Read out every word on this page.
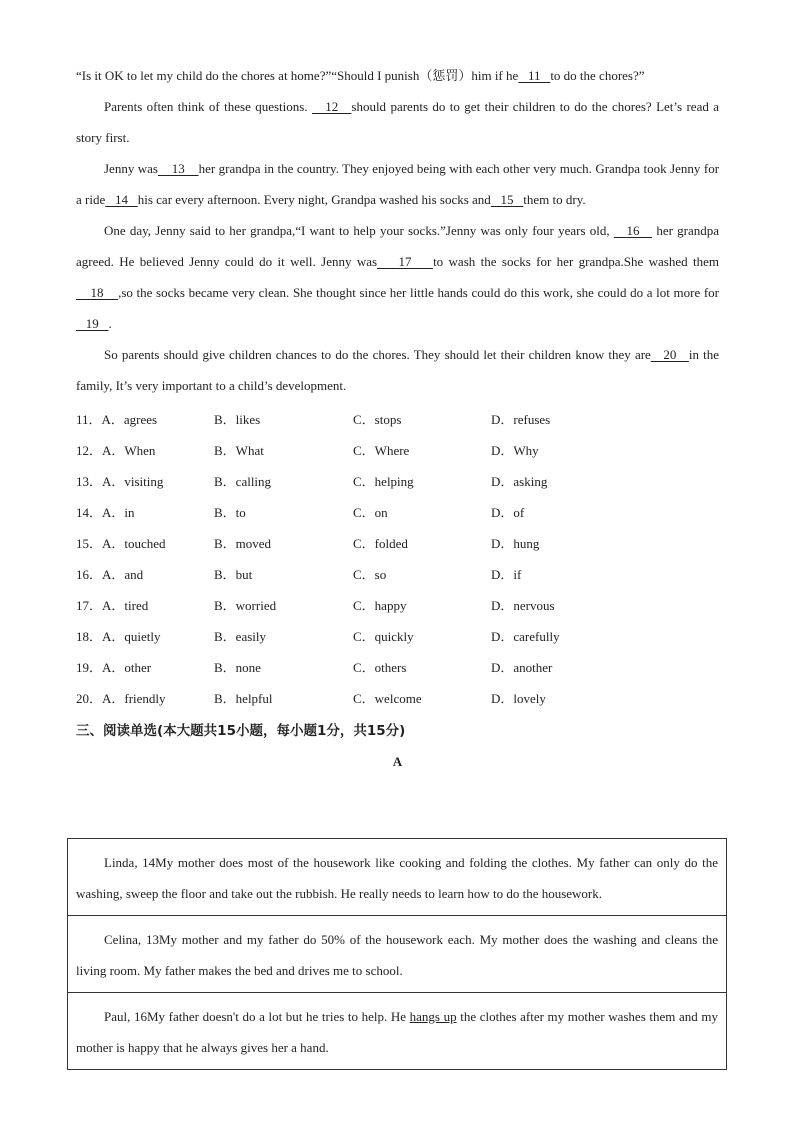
“Is it OK to let my child do the chores at home?”“Should I punish（惩罚）him if he   11   to do the chores?”

Parents often think of these questions.    12   should parents do to get their children to do the chores? Let’s read a story first.

Jenny was    13    her grandpa in the country. They enjoyed being with each other very much. Grandpa took Jenny for a ride   14   his car every afternoon. Every night, Grandpa washed his socks and   15   them to dry.

One day, Jenny said to her grandpa,“I want to help your socks.”Jenny was only four years old,    16    her grandpa agreed. He believed Jenny could do it well. Jenny was    17    to wash the socks for her grandpa.She washed them    18    ,so the socks became very clean. She thought since her little hands could do this work, she could do a lot more for   19   .

So parents should give children chances to do the chores. They should let their children know they are   20   in the family, It’s very important to a child’s development.

11．A．agrees	B．likes	C．stops	D．refuses
12．A．When	B．What	C．Where	D．Why
13．A．visiting	B．calling	C．helping	D．asking
14．A．in	B．to	C．on	D．of
15．A．touched	B．moved	C．folded	D．hung
16．A．and	B．but	C．so	D．if
17．A．tired	B．worried	C．happy	D．nervous
18．A．quietly	B．easily	C．quickly	D．carefully
19．A．other	B．none	C．others	D．another
20．A．friendly	B．helpful	C．welcome	D．lovely
三、阅读单选(本大题共15小题，每小题1分，共15分)
A

Linda, 14My mother does most of the housework like cooking and folding the clothes. My father can only do the washing, sweep the floor and take out the rubbish. He really needs to learn how to do the housework.

Celina, 13My mother and my father do 50% of the housework each. My mother does the washing and cleans the living room. My father makes the bed and drives me to school.

Paul, 16My father doesn't do a lot but he tries to help. He hangs up the clothes after my mother washes them and my mother is happy that he always gives her a hand.
